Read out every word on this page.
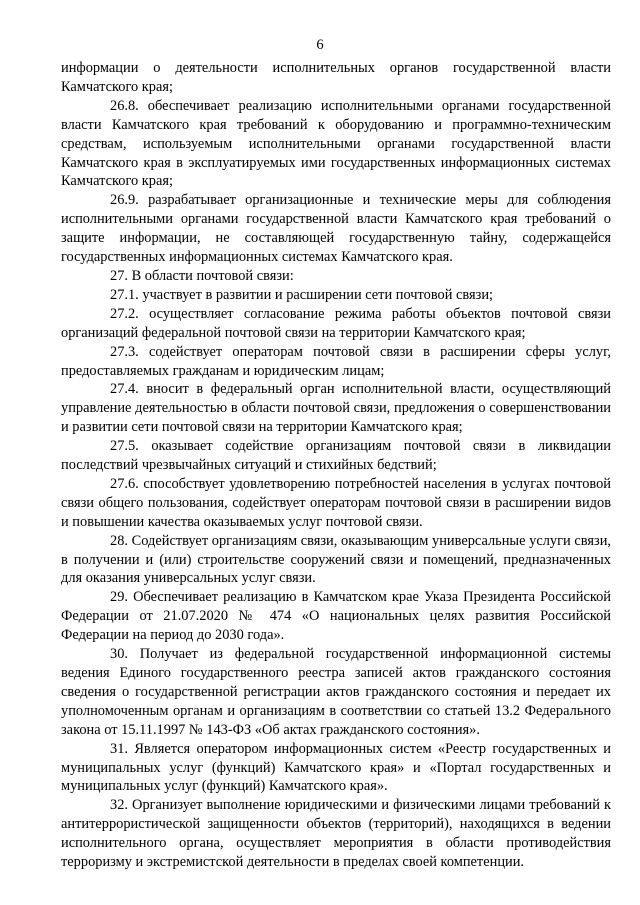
6

информации о деятельности исполнительных органов государственной власти Камчатского края;

26.8. обеспечивает реализацию исполнительными органами государственной власти Камчатского края требований к оборудованию и программно-техническим средствам, используемым исполнительными органами государственной власти Камчатского края в эксплуатируемых ими государственных информационных системах Камчатского края;

26.9. разрабатывает организационные и технические меры для соблюдения исполнительными органами государственной власти Камчатского края требований о защите информации, не составляющей государственную тайну, содержащейся государственных информационных системах Камчатского края.

27. В области почтовой связи:

27.1. участвует в развитии и расширении сети почтовой связи;

27.2. осуществляет согласование режима работы объектов почтовой связи организаций федеральной почтовой связи на территории Камчатского края;

27.3. содействует операторам почтовой связи в расширении сферы услуг, предоставляемых гражданам и юридическим лицам;

27.4. вносит в федеральный орган исполнительной власти, осуществляющий управление деятельностью в области почтовой связи, предложения о совершенствовании и развитии сети почтовой связи на территории Камчатского края;

27.5. оказывает содействие организациям почтовой связи в ликвидации последствий чрезвычайных ситуаций и стихийных бедствий;

27.6. способствует удовлетворению потребностей населения в услугах почтовой связи общего пользования, содействует операторам почтовой связи в расширении видов и повышении качества оказываемых услуг почтовой связи.

28. Содействует организациям связи, оказывающим универсальные услуги связи, в получении и (или) строительстве сооружений связи и помещений, предназначенных для оказания универсальных услуг связи.

29. Обеспечивает реализацию в Камчатском крае Указа Президента Российской Федерации от 21.07.2020 № 474 «О национальных целях развития Российской Федерации на период до 2030 года».

30. Получает из федеральной государственной информационной системы ведения Единого государственного реестра записей актов гражданского состояния сведения о государственной регистрации актов гражданского состояния и передает их уполномоченным органам и организациям в соответствии со статьей 13.2 Федерального закона от 15.11.1997 № 143-ФЗ «Об актах гражданского состояния».

31. Является оператором информационных систем «Реестр государственных и муниципальных услуг (функций) Камчатского края» и «Портал государственных и муниципальных услуг (функций) Камчатского края».

32. Организует выполнение юридическими и физическими лицами требований к антитеррористической защищенности объектов (территорий), находящихся в ведении исполнительного органа, осуществляет мероприятия в области противодействия терроризму и экстремистской деятельности в пределах своей компетенции.
